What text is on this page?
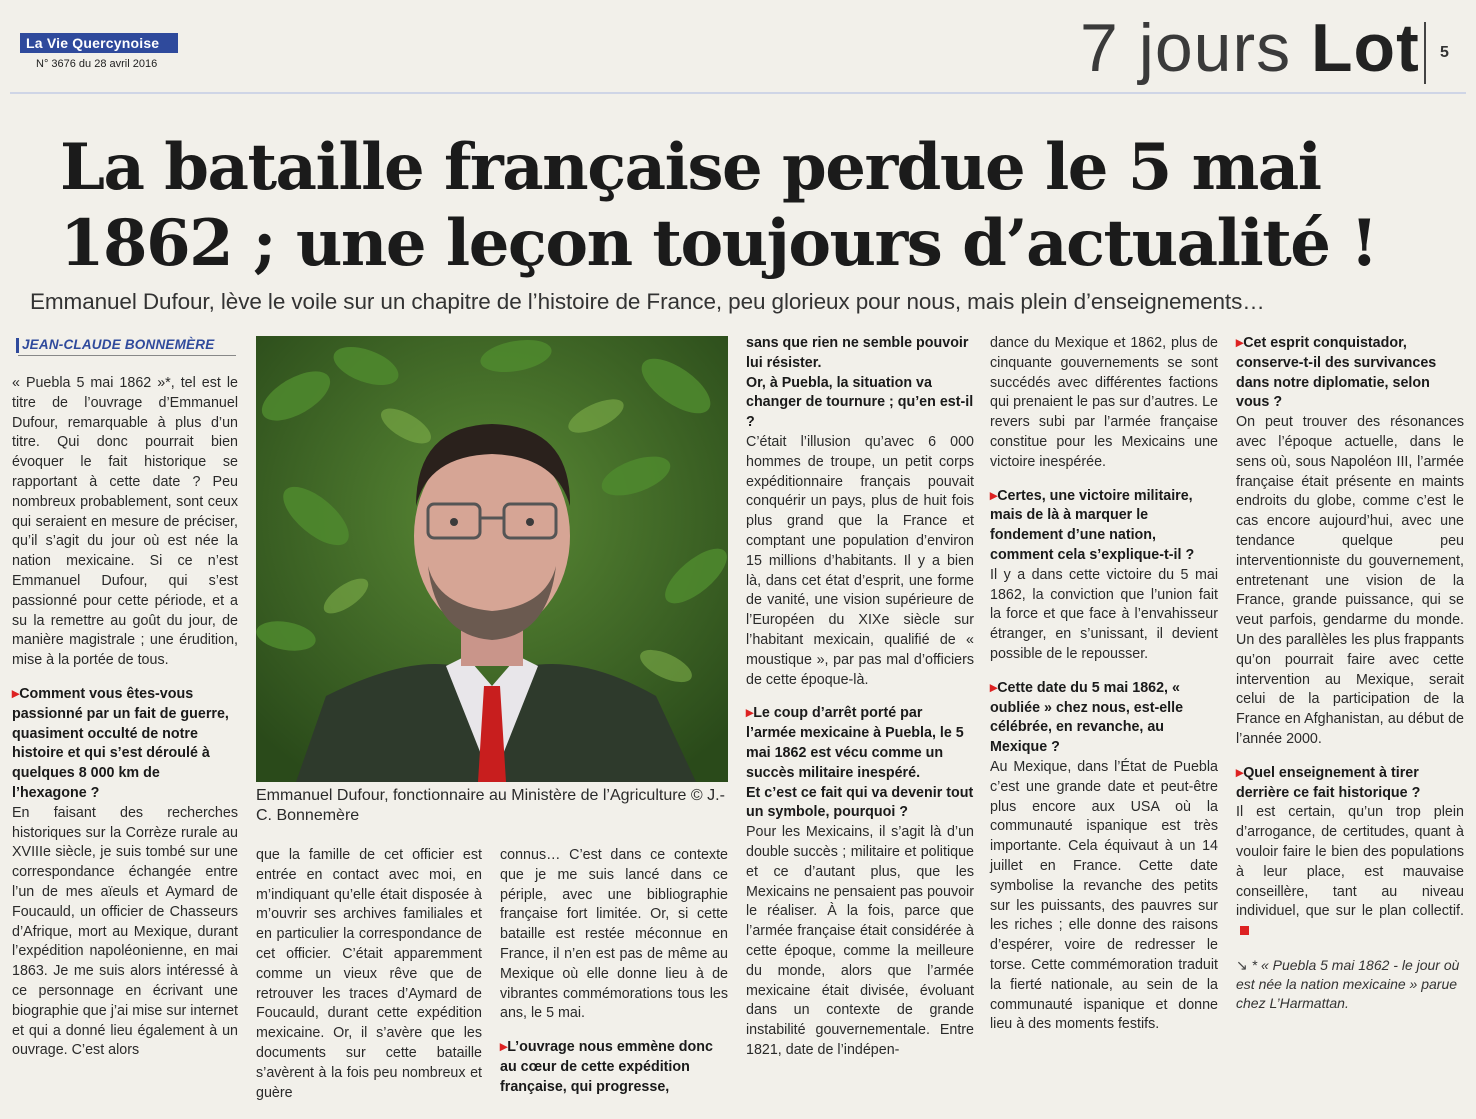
La Vie Quercynoise
N° 3676 du 28 avril 2016	7 jours Lot 5
La bataille française perdue le 5 mai
1862 ; une leçon toujours d’actualité !
Emmanuel Dufour, lève le voile sur un chapitre de l’histoire de France, peu glorieux pour nous, mais plein d’enseignements…
JEAN-CLAUDE BONNEMÈRE

« Puebla 5 mai 1862 »*, tel est le titre de l’ouvrage d’Emmanuel Dufour, remarquable à plus d’un titre. Qui donc pourrait bien évoquer le fait historique se rapportant à cette date ? Peu nombreux probablement, sont ceux qui seraient en mesure de préciser, qu’il s’agit du jour où est née la nation mexicaine. Si ce n’est Emmanuel Dufour, qui s’est passionné pour cette période, et a su la remettre au goût du jour, de manière magistrale ; une érudition, mise à la portée de tous.

▸ Comment vous êtes-vous passionné par un fait de guerre, quasiment occulté de notre histoire et qui s’est déroulé à quelques 8 000 km de l’hexagone ?

En faisant des recherches historiques sur la Corrèze rurale au XVIIIe siècle, je suis tombé sur une correspondance échangée entre l’un de mes aïeuls et Aymard de Foucauld, un officier de Chasseurs d’Afrique, mort au Mexique, durant l’expédition napoléonienne, en mai 1863. Je me suis alors intéressé à ce personnage en écrivant une biographie que j’ai mise sur internet et qui a donné lieu également à un ouvrage. C’est alors

Emmanuel Dufour, fonctionnaire au Ministère de l’Agriculture © J.-C. Bonnemère

que la famille de cet officier est entrée en contact avec moi, en m’indiquant qu’elle était disposée à m’ouvrir ses archives familiales et en particulier la correspondance de cet officier. C’était apparemment comme un vieux rêve que de retrouver les traces d’Aymard de Foucauld, durant cette expédition mexicaine. Or, il s’avère que les documents sur cette bataille s’avèrent à la fois peu nombreux et guère

connus… C’est dans ce contexte que je me suis lancé dans ce périple, avec une bibliographie française fort limitée. Or, si cette bataille est restée méconnue en France, il n’en est pas de même au Mexique où elle donne lieu à de vibrantes commémorations tous les ans, le 5 mai.

▸ L’ouvrage nous emmène donc au cœur de cette expédition française, qui progresse,

sans que rien ne semble pouvoir lui résister.

Or, à Puebla, la situation va changer de tournure ; qu’en est-il ?

C’était l’illusion qu’avec 6 000 hommes de troupe, un petit corps expéditionnaire français pouvait conquérir un pays, plus de huit fois plus grand que la France et comptant une population d’environ 15 millions d’habitants. Il y a bien là, dans cet état d’esprit, une forme de vanité, une vision supérieure de l’Européen du XIXe siècle sur l’habitant mexicain, qualifié de « moustique », par pas mal d’officiers de cette époque-là.

▸ Le coup d’arrêt porté par l’armée mexicaine à Puebla, le 5 mai 1862 est vécu comme un succès militaire inespéré.

Et c’est ce fait qui va devenir tout un symbole, pourquoi ?

Pour les Mexicains, il s’agit là d’un double succès ; militaire et politique et ce d’autant plus, que les Mexicains ne pensaient pas pouvoir le réaliser. À la fois, parce que l’armée française était considérée à cette époque, comme la meilleure du monde, alors que l’armée mexicaine était divisée, évoluant dans un contexte de grande instabilité gouvernementale. Entre 1821, date de l’indépen-

dance du Mexique et 1862, plus de cinquante gouvernements se sont succédés avec différentes factions qui prenaient le pas sur d’autres. Le revers subi par l’armée française constitue pour les Mexicains une victoire inespérée.

▸ Certes, une victoire militaire, mais de là à marquer le fondement d’une nation, comment cela s’explique-t-il ?

Il y a dans cette victoire du 5 mai 1862, la conviction que l’union fait la force et que face à l’envahisseur étranger, en s’unissant, il devient possible de le repousser.

▸ Cette date du 5 mai 1862, « oubliée » chez nous, est-elle célébrée, en revanche, au Mexique ?

Au Mexique, dans l’État de Puebla c’est une grande date et peut-être plus encore aux USA où la communauté ispanique est très importante. Cela équivaut à un 14 juillet en France. Cette date symbolise la revanche des petits sur les puissants, des pauvres sur les riches ; elle donne des raisons d’espérer, voire de redresser le torse. Cette commémoration traduit la fierté nationale, au sein de la communauté ispanique et donne lieu à des moments festifs.

▸ Cet esprit conquistador, conserve-t-il des survivances dans notre diplomatie, selon vous ?

On peut trouver des résonances avec l’époque actuelle, dans le sens où, sous Napoléon III, l’armée française était présente en maints endroits du globe, comme c’est le cas encore aujourd’hui, avec une tendance quelque peu interventionniste du gouvernement, entretenant une vision de la France, grande puissance, qui se veut parfois, gendarme du monde. Un des parallèles les plus frappants qu’on pourrait faire avec cette intervention au Mexique, serait celui de la participation de la France en Afghanistan, au début de l’année 2000.

▸ Quel enseignement à tirer derrière ce fait historique ?

Il est certain, qu’un trop plein d’arrogance, de certitudes, quant à vouloir faire le bien des populations à leur place, est mauvaise conseillère, tant au niveau individuel, que sur le plan collectif.

↘ * « Puebla 5 mai 1862 - le jour où est née la nation mexicaine » parue chez L’Harmattan.
